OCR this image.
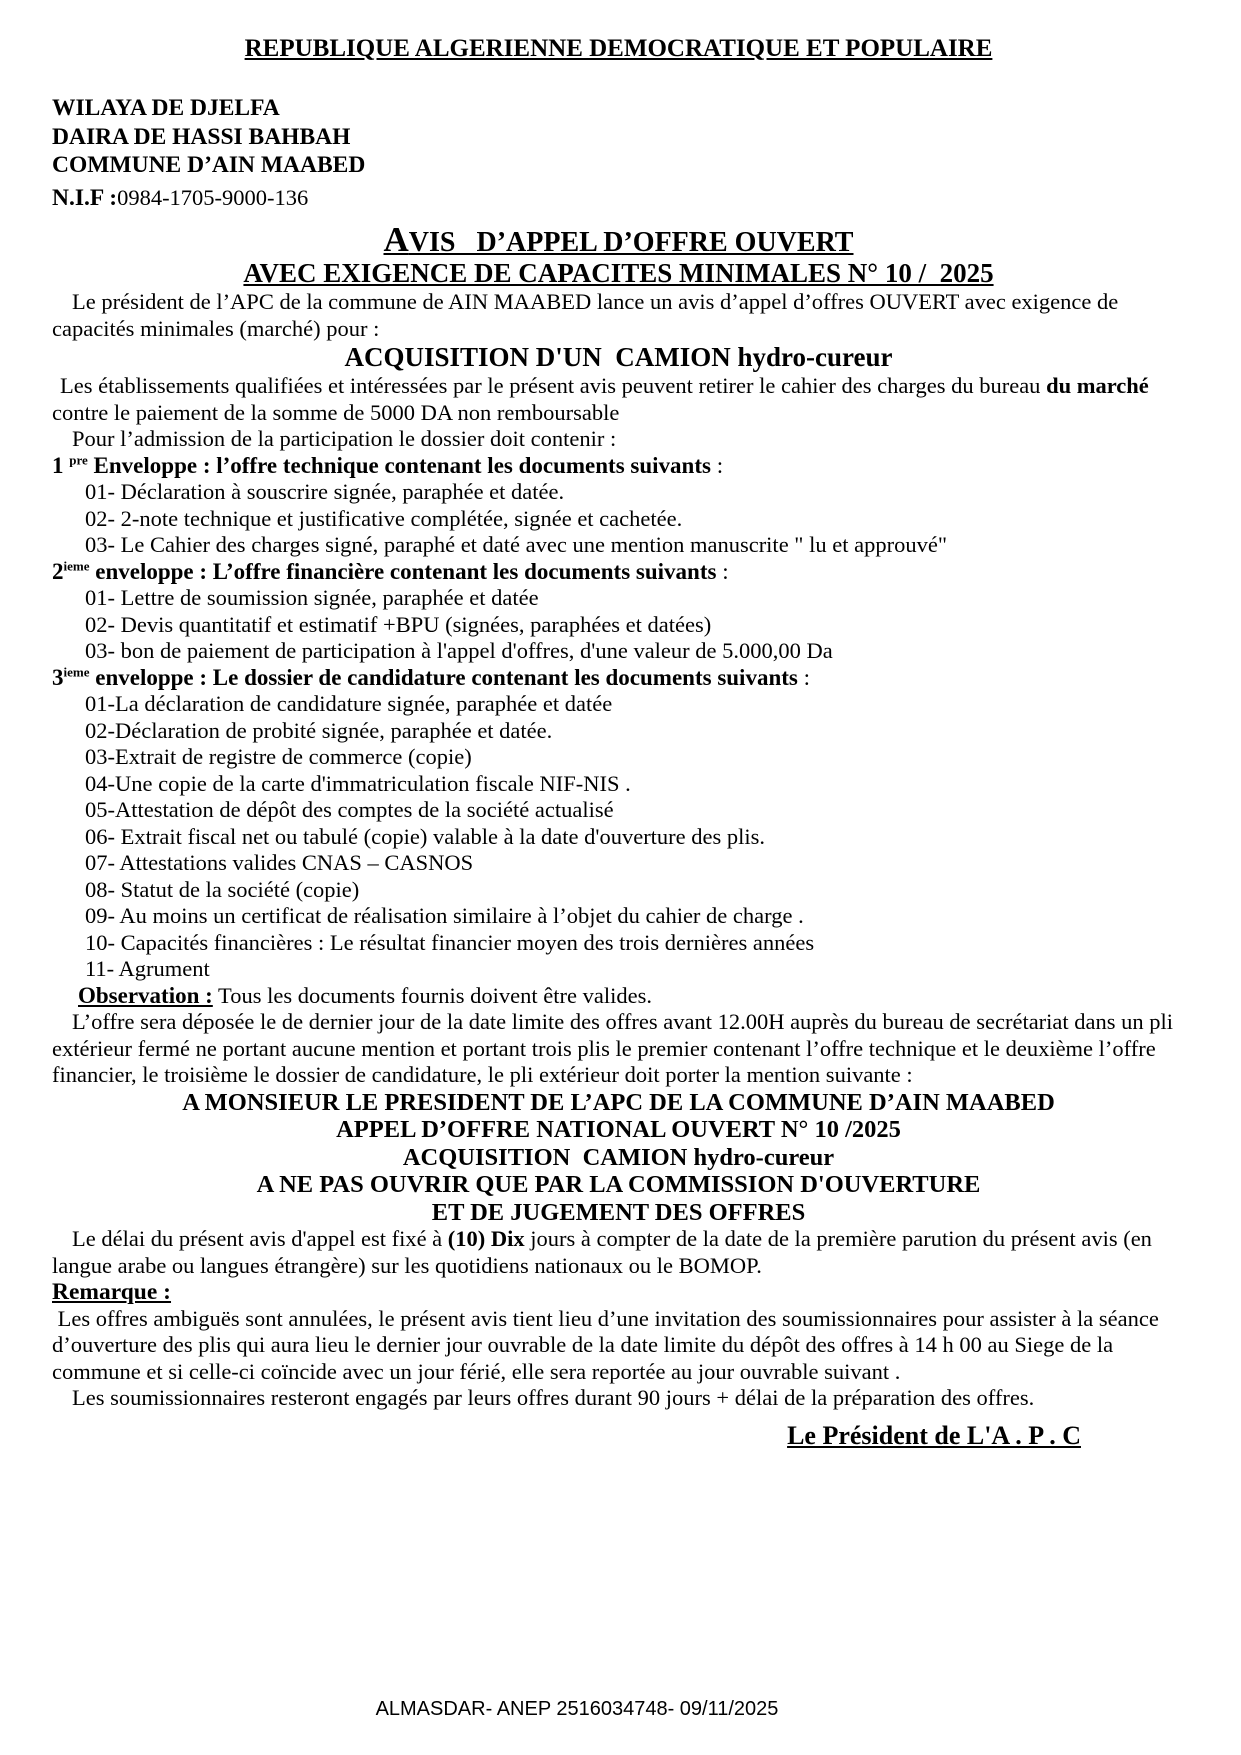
REPUBLIQUE ALGERIENNE DEMOCRATIQUE ET POPULAIRE
WILAYA DE DJELFA
DAIRA DE HASSI BAHBAH
COMMUNE D’AIN MAABED
N.I.F :0984-1705-9000-136
AVIS   D’APPEL D’OFFRE OUVERT
AVEC EXIGENCE DE CAPACITES MINIMALES N° 10 /  2025
Le président de l’APC de la commune de AIN MAABED lance un avis d’appel d’offres OUVERT avec exigence de capacités minimales (marché) pour :
ACQUISITION D'UN  CAMION hydro-cureur
Les établissements qualifiées et intéressées par le présent avis peuvent retirer le cahier des charges du bureau du marché contre le paiement de la somme de 5000 DA non remboursable
Pour l’admission de la participation le dossier doit contenir :
1 $^{pre}$ Enveloppe : l’offre technique contenant les documents suivants :
01- Déclaration à souscrire signée, paraphée et datée.
02- 2-note technique et justificative complétée, signée et cachetée.
03- Le Cahier des charges signé, paraphé et daté avec une mention manuscrite " lu et approuvé"
2ieme enveloppe : L’offre financière contenant les documents suivants :
01- Lettre de soumission signée, paraphée et datée
02- Devis quantitatif et estimatif +BPU (signées, paraphées et datées)
03- bon de paiement de participation à l'appel d'offres, d'une valeur de 5.000,00 Da
3ieme enveloppe : Le dossier de candidature contenant les documents suivants :
01-La déclaration de candidature signée, paraphée et datée
02-Déclaration de probité signée, paraphée et datée.
03-Extrait de registre de commerce (copie)
04-Une copie de la carte d'immatriculation fiscale NIF-NIS .
05-Attestation de dépôt des comptes de la société actualisé
06- Extrait fiscal net ou tabulé (copie) valable à la date d'ouverture des plis.
07- Attestations valides CNAS – CASNOS
08- Statut de la société (copie)
09- Au moins un certificat de réalisation similaire à l’objet du cahier de charge .
10- Capacités financières : Le résultat financier moyen des trois dernières années
11- Agrument
Observation : Tous les documents fournis doivent être valides.
L’offre sera déposée le de dernier jour de la date limite des offres avant 12.00H auprès du bureau de secrétariat dans un pli extérieur fermé ne portant aucune mention et portant trois plis le premier contenant l’offre technique et le deuxième l’offre financier, le troisième le dossier de candidature, le pli extérieur doit porter la mention suivante :
A MONSIEUR LE PRESIDENT DE L’APC DE LA COMMUNE D’AIN MAABED
APPEL D’OFFRE NATIONAL OUVERT N° 10 /2025
ACQUISITION  CAMION hydro-cureur
A NE PAS OUVRIR QUE PAR LA COMMISSION D'OUVERTURE
ET DE JUGEMENT DES OFFRES
Le délai du présent avis d'appel est fixé à (10) Dix jours à compter de la date de la première parution du présent avis (en langue arabe ou langues étrangère) sur les quotidiens nationaux ou le BOMOP.
Remarque :
Les offres ambiguës sont annulées, le présent avis tient lieu d’une invitation des soumissionnaires pour assister à la séance d’ouverture des plis qui aura lieu le dernier jour ouvrable de la date limite du dépôt des offres à 14 h 00 au Siege de la commune et si celle-ci coïncide avec un jour férié, elle sera reportée au jour ouvrable suivant .
Les soumissionnaires resteront engagés par leurs offres durant 90 jours + délai de la préparation des offres.
Le Président de L'A . P . C
ALMASDAR- ANEP 2516034748- 09/11/2025
